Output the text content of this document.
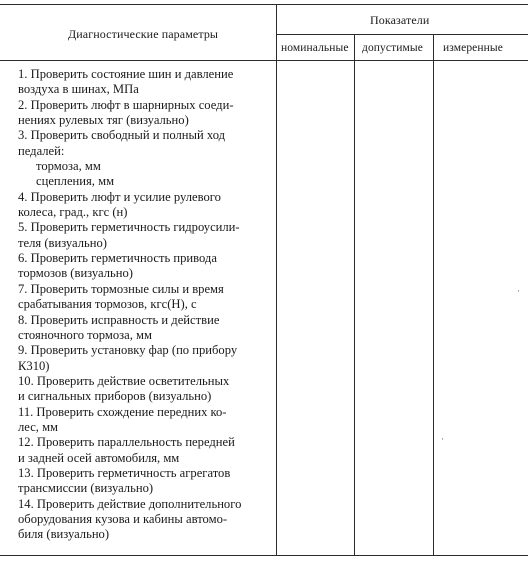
Диагностические параметры
Показатели
номинальные допустимые измеренные
1. Проверить состояние шин и давление
воздуха в шинах, МПа
2. Проверить люфт в шарнирных соеди-
нениях рулевых тяг (визуально)
3. Проверить свободный и полный ход
педалей:
тормоза, мм
сцепления, мм
4. Проверить люфт и усилие рулевого
колеса, град., кгс (н)
5. Проверить герметичность гидроусили-
теля (визуально)
6. Проверить герметичность привода
тормозов (визуально)
7. Проверить тормозные силы и время
срабатывания тормозов, кгс(Н), с
8. Проверить исправность и действие
стояночного тормоза, мм
9. Проверить установку фар (по прибору
К310)
10. Проверить действие осветительных
и сигнальных приборов (визуально)
11. Проверить схождение передних ко-
лес, мм
12. Проверить параллельность передней
и задней осей автомобиля, мм
13. Проверить герметичность агрегатов
трансмиссии (визуально)
14. Проверить действие дополнительного
оборудования кузова и кабины автомо-
биля (визуально)
·
·
